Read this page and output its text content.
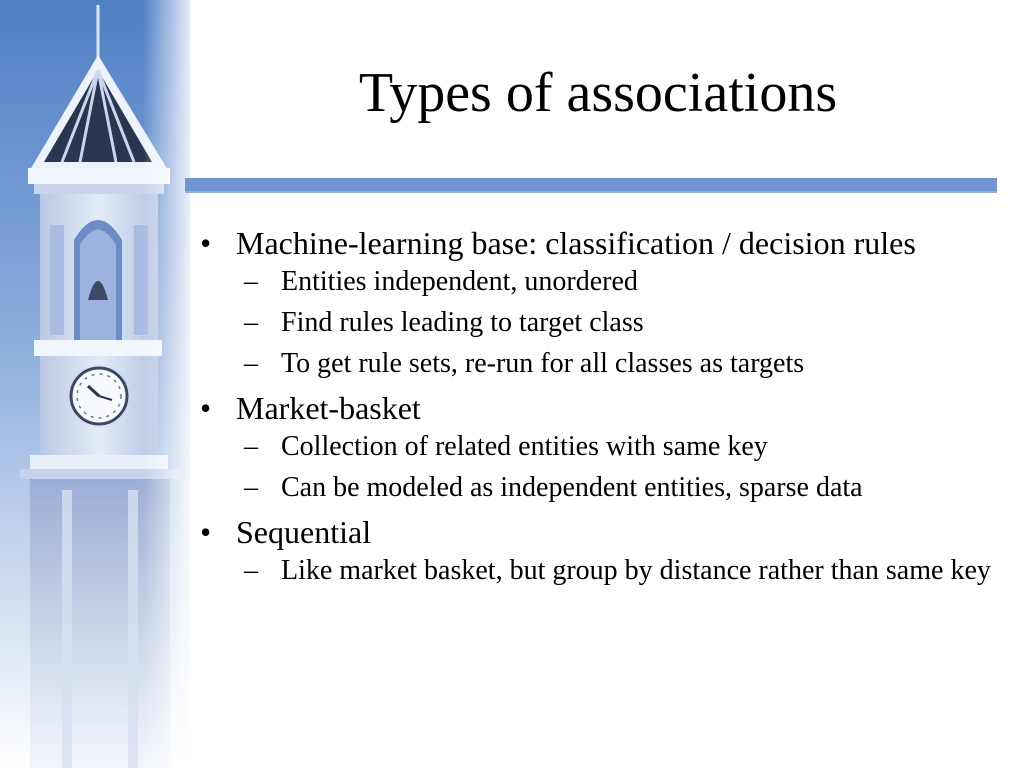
Types of associations
• Machine-learning base: classification / decision rules
– Entities independent, unordered
– Find rules leading to target class
– To get rule sets, re-run for all classes as targets
• Market-basket
– Collection of related entities with same key
– Can be modeled as independent entities, sparse data
• Sequential
– Like market basket, but group by distance rather than same key
